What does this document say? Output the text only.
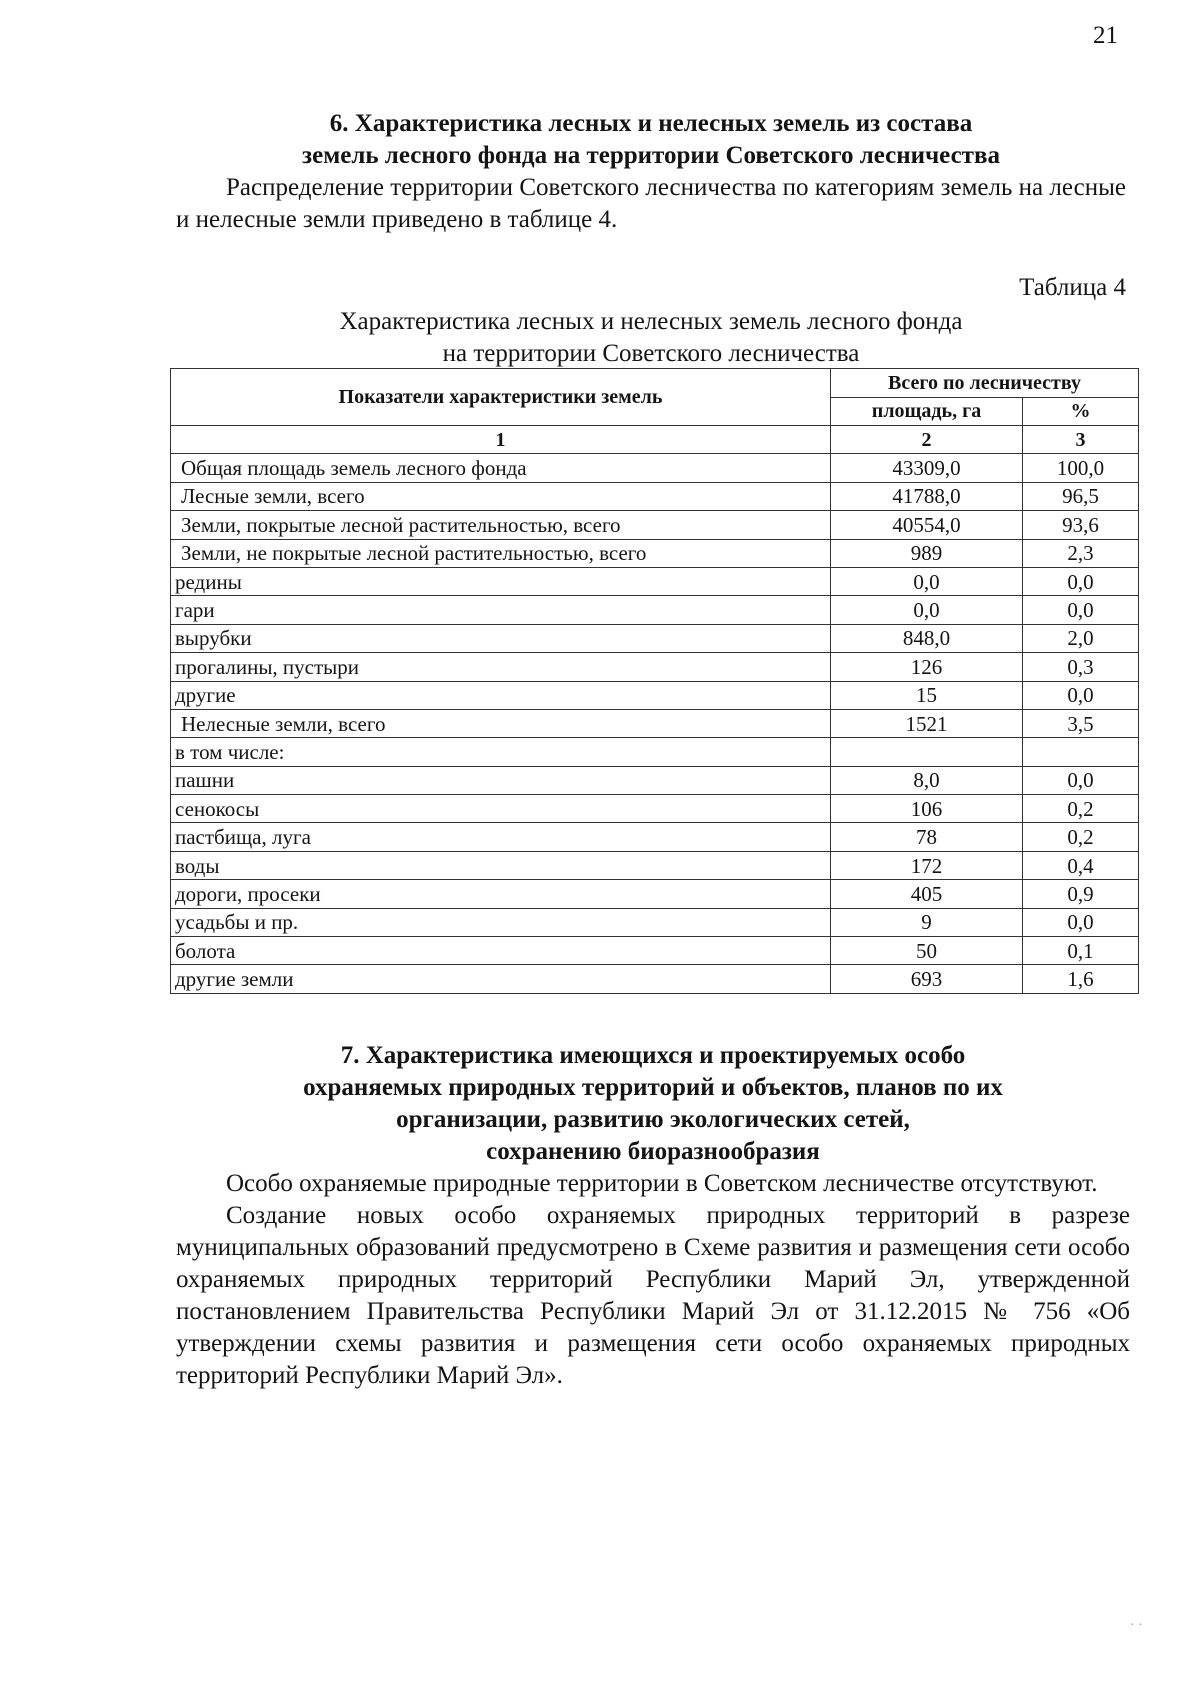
21

6. Характеристика лесных и нелесных земель из состава

земель лесного фонда на территории Советского лесничества

Распределение территории Советского лесничества по категориям земель на лесные и нелесные земли приведено в таблице 4.

Таблица 4
Характеристика лесных и нелесных земель лесного фонда
на территории Советского лесничества
Показатели характеристики земель	Всего по лесничеству	
	площадь, га	%
1	2	3
Общая площадь земель лесного фонда	43309,0	100,0
Лесные земли, всего	41788,0	96,5
Земли, покрытые лесной растительностью, всего	40554,0	93,6
Земли, не покрытые лесной растительностью, всего	989	2,3
редины	0,0	0,0
гари	0,0	0,0
вырубки	848,0	2,0
прогалины, пустыри	126	0,3
другие	15	0,0
Нелесные земли, всего	1521	3,5
в том числе:		
пашни	8,0	0,0
сенокосы	106	0,2
пастбища, луга	78	0,2
воды	172	0,4
дороги, просеки	405	0,9
усадьбы и пр.	9	0,0
болота	50	0,1
другие земли	693	1,6

7. Характеристика имеющихся и проектируемых особо

охраняемых природных территорий и объектов, планов по их

организации, развитию экологических сетей,

сохранению биоразнообразия

Особо охраняемые природные территории в Советском лесничестве отсутствуют.

Создание новых особо охраняемых природных территорий в разрезе муниципальных образований предусмотрено в Схеме развития и размещения сети особо охраняемых природных территорий Республики Марий Эл, утвержденной постановлением Правительства Республики Марий Эл от 31.12.2015 № 756 «Об утверждении схемы развития и размещения сети особо охраняемых природных территорий Республики Марий Эл».

· ·
